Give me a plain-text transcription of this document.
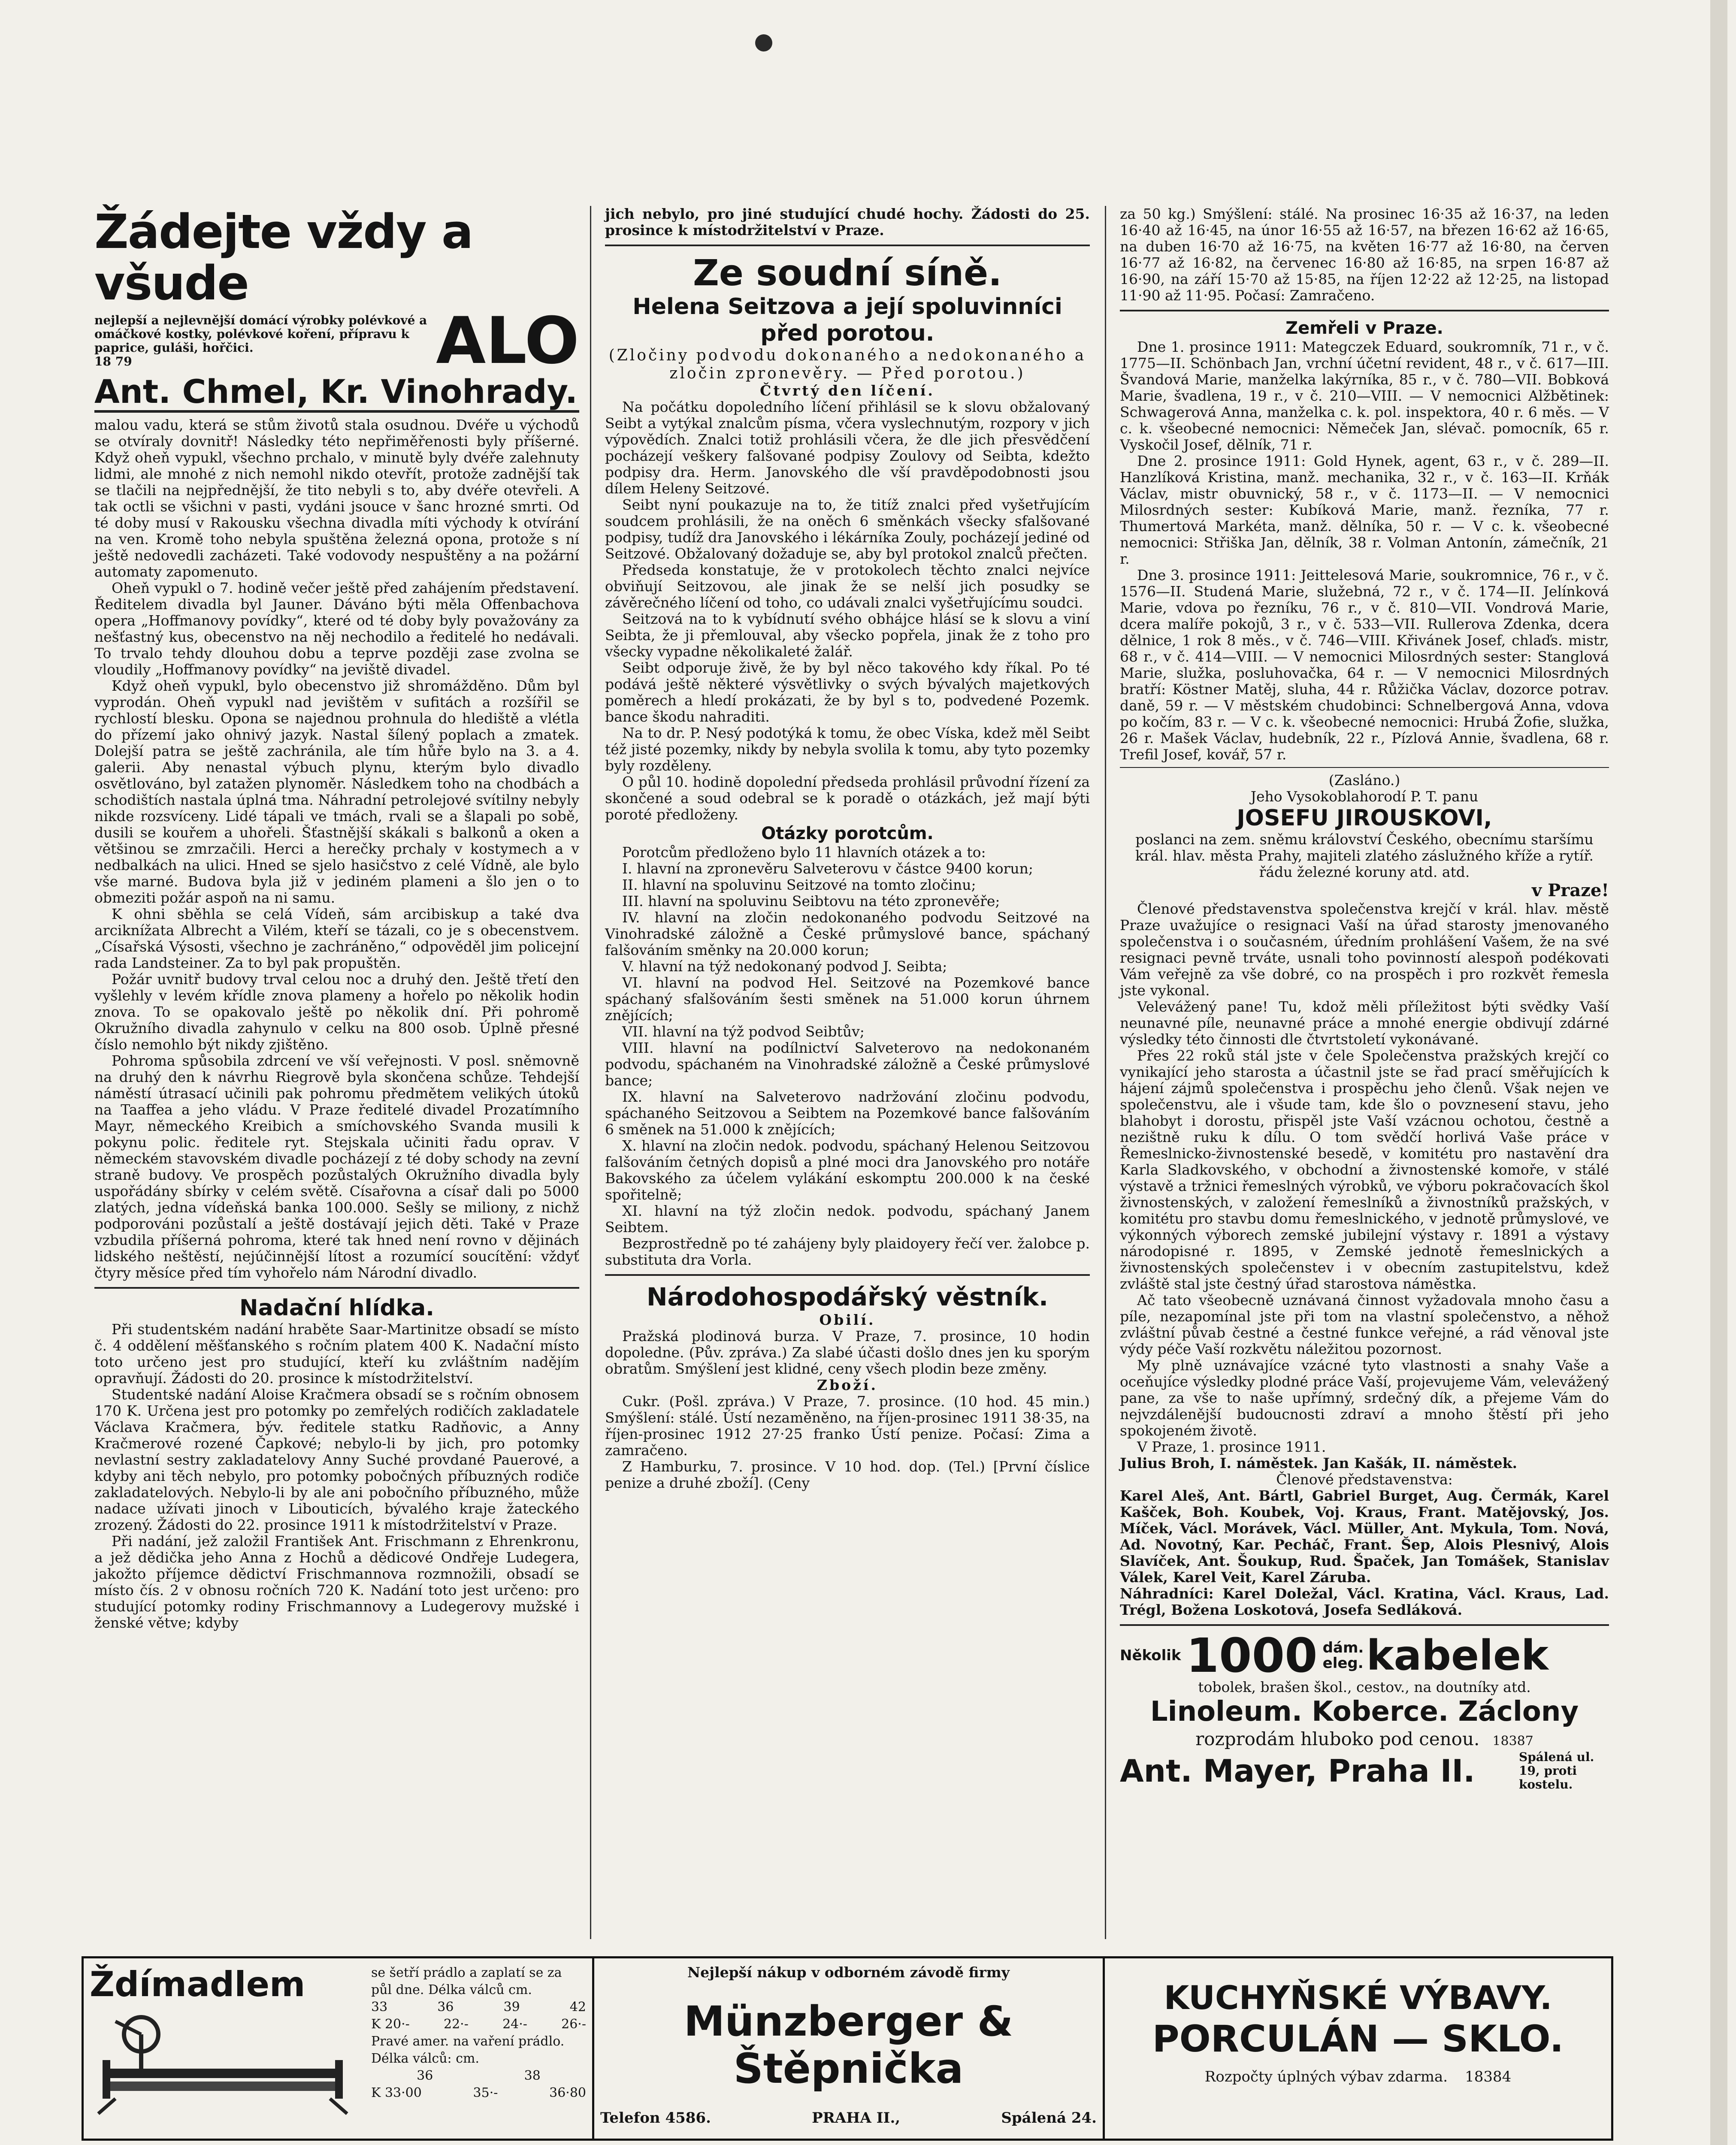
Žádejte vždy a všude
nejlepší a nejlevnější domácí výrobky polévkové a omáčkové kostky, polévkové koření, přípravu k paprice, guláši, hořčici.
18 79	ALO
Ant. Chmel, Kr. Vinohrady.

malou vadu, která se stům životů stala osudnou. Dvéře u východů se otvíraly dovnitř! Následky této nepřiměřenosti byly příšerné. Když oheň vypukl, všechno prchalo, v minutě byly dvéře zalehnuty lidmi, ale mnohé z nich nemohl nikdo otevřít, protože zadnější tak se tlačili na nejpřednější, že tito nebyli s to, aby dvéře otevřeli. A tak octli se všichni v pasti, vydáni jsouce v šanc hrozné smrti. Od té doby musí v Rakousku všechna divadla míti východy k otvírání na ven. Kromě toho nebyla spuštěna železná opona, protože s ní ještě nedovedli zacházeti. Také vodovody nespuštěny a na požární automaty zapomenuto.

Oheň vypukl o 7. hodině večer ještě před zahájením představení. Ředitelem divadla byl Jauner. Dáváno býti měla Offenbachova opera „Hoffmanovy povídky“, které od té doby byly považovány za nešťastný kus, obecenstvo na něj nechodilo a ředitelé ho nedávali. To trvalo tehdy dlouhou dobu a teprve později zase zvolna se vloudily „Hoffmanovy povídky“ na jeviště divadel.

Když oheň vypukl, bylo obecenstvo již shromážděno. Dům byl vyprodán. Oheň vypukl nad jevištěm v sufitách a rozšířil se rychlostí blesku. Opona se najednou prohnula do hlediště a vlétla do přízemí jako ohnivý jazyk. Nastal šílený poplach a zmatek. Dolejší patra se ještě zachránila, ale tím hůře bylo na 3. a 4. galerii. Aby nenastal výbuch plynu, kterým bylo divadlo osvětlováno, byl zatažen plynoměr. Následkem toho na chodbách a schodištích nastala úplná tma. Náhradní petrolejové svítilny nebyly nikde rozsvíceny. Lidé tápali ve tmách, rvali se a šlapali po sobě, dusili se kouřem a uhořeli. Šťastnější skákali s balkonů a oken a většinou se zmrzačili. Herci a herečky prchaly v kostymech a v nedbalkách na ulici. Hned se sjelo hasičstvo z celé Vídně, ale bylo vše marné. Budova byla již v jediném plameni a šlo jen o to obmeziti požár aspoň na ni samu.

K ohni sběhla se celá Vídeň, sám arcibiskup a také dva arciknížata Albrecht a Vilém, kteří se tázali, co je s obecenstvem. „Císařská Výsosti, všechno je zachráněno,“ odpověděl jim policejní rada Landsteiner. Za to byl pak propuštěn.

Požár uvnitř budovy trval celou noc a druhý den. Ještě třetí den vyšlehly v levém křídle znova plameny a hořelo po několik hodin znova. To se opakovalo ještě po několik dní. Při pohromě Okružního divadla zahynulo v celku na 800 osob. Úplně přesné číslo nemohlo být nikdy zjištěno.

Pohroma spůsobila zdrcení ve vší veřejnosti. V posl. sněmovně na druhý den k návrhu Riegrově byla skončena schůze. Tehdejší náměstí útrasací učinili pak pohromu předmětem velikých útoků na Taaffea a jeho vládu. V Praze ředitelé divadel Prozatímního Mayr, německého Kreibich a smíchovského Svanda musili k pokynu polic. ředitele ryt. Stejskala učiniti řadu oprav. V německém stavovském divadle pocházejí z té doby schody na zevní straně budovy. Ve prospěch pozůstalých Okružního divadla byly uspořádány sbírky v celém světě. Císařovna a císař dali po 5000 zlatých, jedna vídeňská banka 100.000. Sešly se miliony, z nichž podporováni pozůstalí a ještě dostávají jejich děti. Také v Praze vzbudila příšerná pohroma, které tak hned není rovno v dějinách lidského neštěstí, nejúčinnější lítost a rozumící soucítění: vždyť čtyry měsíce před tím vyhořelo nám Národní divadlo.

Nadační hlídka.

Při studentském nadání hraběte Saar-Martinitze obsadí se místo č. 4 oddělení měšťanského s ročním platem 400 K. Nadační místo toto určeno jest pro studující, kteří ku zvláštním nadějím opravňují. Žádosti do 20. prosince k místodržitelství.

Studentské nadání Aloise Kračmera obsadí se s ročním obnosem 170 K. Určena jest pro potomky po zemřelých rodičích zakladatele Václava Kračmera, býv. ředitele statku Radňovic, a Anny Kračmerové rozené Čapkové; nebylo-li by jich, pro potomky nevlastní sestry zakladatelovy Anny Suché provdané Pauerové, a kdyby ani těch nebylo, pro potomky pobočných příbuzných rodiče zakladatelových. Nebylo-li by ale ani pobočního příbuzného, může nadace užívati jinoch v Libouticích, bývalého kraje žateckého zrozený. Žádosti do 22. prosince 1911 k místodržitelství v Praze.

Při nadání, jež založil František Ant. Frischmann z Ehrenkronu, a jež dědička jeho Anna z Hochů a dědicové Ondřeje Ludegera, jakožto příjemce dědictví Frischmannova rozmnožili, obsadí se místo čís. 2 v obnosu ročních 720 K. Nadání toto jest určeno: pro studující potomky rodiny Frischmannovy a Ludegerovy mužské i ženské větve; kdyby

jich nebylo, pro jiné studující chudé hochy. Žádosti do 25. prosince k místodržitelství v Praze.

Ze soudní síně.
Helena Seitzova a její spoluvinníci před porotou.

(Zločiny podvodu dokonaného a nedokonaného a zločin zpronevěry. — Před porotou.)

Čtvrtý den líčení.

Na počátku dopoledního líčení přihlásil se k slovu obžalovaný Seibt a vytýkal znalcům písma, včera vyslechnutým, rozpory v jich výpovědích. Znalci totiž prohlásili včera, že dle jich přesvědčení pocházejí veškery falšované podpisy Zoulovy od Seibta, kdežto podpisy dra. Herm. Janovského dle vší pravděpodobnosti jsou dílem Heleny Seitzové.

Seibt nyní poukazuje na to, že titíž znalci před vyšetřujícím soudcem prohlásili, že na oněch 6 směnkách všecky sfalšované podpisy, tudíž dra Janovského i lékárníka Zouly, pocházejí jediné od Seitzové. Obžalovaný dožaduje se, aby byl protokol znalců přečten.

Předseda konstatuje, že v protokolech těchto znalci nejvíce obviňují Seitzovou, ale jinak že se nelší jich posudky se závěrečného líčení od toho, co udávali znalci vyšetřujícímu soudci.

Seitzová na to k vybídnutí svého obhájce hlásí se k slovu a viní Seibta, že ji přemlouval, aby všecko popřela, jinak že z toho pro všecky vypadne několikaleté žalář.

Seibt odporuje živě, že by byl něco takového kdy říkal. Po té podává ještě některé výsvětlivky o svých bývalých majetkových poměrech a hledí prokázati, že by byl s to, podvedené Pozemk. bance škodu nahraditi.

Na to dr. P. Nesý podotýká k tomu, že obec Víska, kdež měl Seibt též jisté pozemky, nikdy by nebyla svolila k tomu, aby tyto pozemky byly rozděleny.

O půl 10. hodině dopolední předseda prohlásil průvodní řízení za skončené a soud odebral se k poradě o otázkách, jež mají býti poroté předloženy.

Otázky porotcům.

Porotcům předloženo bylo 11 hlavních otázek a to:

I. hlavní na zpronevěru Salveterovu v částce 9400 korun;

II. hlavní na spoluvinu Seitzové na tomto zločinu;

III. hlavní na spoluvinu Seibtovu na této zpronevěře;

IV. hlavní na zločin nedokonaného podvodu Seitzové na Vinohradské záložně a České průmyslové bance, spáchaný falšováním směnky na 20.000 korun;

V. hlavní na týž nedokonaný podvod J. Seibta;

VI. hlavní na podvod Hel. Seitzové na Pozemkové bance spáchaný sfalšováním šesti směnek na 51.000 korun úhrnem znějících;

VII. hlavní na týž podvod Seibtův;

VIII. hlavní na podílnictví Salveterovo na nedokonaném podvodu, spáchaném na Vinohradské záložně a České průmyslové bance;

IX. hlavní na Salveterovo nadržování zločinu podvodu, spáchaného Seitzovou a Seibtem na Pozemkové bance falšováním 6 směnek na 51.000 k znějících;

X. hlavní na zločin nedok. podvodu, spáchaný Helenou Seitzovou falšováním četných dopisů a plné moci dra Janovského pro notáře Bakovského za účelem vylákání eskomptu 200.000 k na české spořitelně;

XI. hlavní na týž zločin nedok. podvodu, spáchaný Janem Seibtem.

Bezprostředně po té zahájeny byly plaidoyery řečí ver. žalobce p. substituta dra Vorla.

Národohospodářský věstník.

Obilí.

Pražská plodinová burza. V Praze, 7. prosince, 10 hodin dopoledne. (Pův. zpráva.) Za slabé účasti došlo dnes jen ku sporým obratům. Smýšlení jest klidné, ceny všech plodin beze změny.

Zboží.

Cukr. (Pošl. zpráva.) V Praze, 7. prosince. (10 hod. 45 min.) Smýšlení: stálé. Ústí nezaměněno, na říjen-prosinec 1911 38·35, na říjen-prosinec 1912 27·25 franko Ústí penize. Počasí: Zima a zamračeno.

Z Hamburku, 7. prosince. V 10 hod. dop. (Tel.) [První číslice penize a druhé zboží]. (Ceny

za 50 kg.) Smýšlení: stálé. Na prosinec 16·35 až 16·37, na leden 16·40 až 16·45, na únor 16·55 až 16·57, na březen 16·62 až 16·65, na duben 16·70 až 16·75, na květen 16·77 až 16·80, na červen 16·77 až 16·82, na červenec 16·80 až 16·85, na srpen 16·87 až 16·90, na září 15·70 až 15·85, na říjen 12·22 až 12·25, na listopad 11·90 až 11·95. Počasí: Zamračeno.

Zemřeli v Praze.

Dne 1. prosince 1911: Mategczek Eduard, soukromník, 71 r., v č. 1775—II. Schönbach Jan, vrchní účetní revident, 48 r., v č. 617—III. Švandová Marie, manželka lakýrníka, 85 r., v č. 780—VII. Bobková Marie, švadlena, 19 r., v č. 210—VIII. — V nemocnici Alžbětinek: Schwagerová Anna, manželka c. k. pol. inspektora, 40 r. 6 měs. — V c. k. všeobecné nemocnici: Němeček Jan, slévač. pomocník, 65 r. Vyskočil Josef, dělník, 71 r.

Dne 2. prosince 1911: Gold Hynek, agent, 63 r., v č. 289—II. Hanzlíková Kristina, manž. mechanika, 32 r., v č. 163—II. Krňák Václav, mistr obuvnický, 58 r., v č. 1173—II. — V nemocnici Milosrdných sester: Kubíková Marie, manž. řezníka, 77 r. Thumertová Markéta, manž. dělníka, 50 r. — V c. k. všeobecné nemocnici: Střiška Jan, dělník, 38 r. Volman Antonín, zámečník, 21 r.

Dne 3. prosince 1911: Jeittelesová Marie, soukromnice, 76 r., v č. 1576—II. Studená Marie, služebná, 72 r., v č. 174—II. Jelínková Marie, vdova po řezníku, 76 r., v č. 810—VII. Vondrová Marie, dcera malíře pokojů, 3 r., v č. 533—VII. Rullerova Zdenka, dcera dělnice, 1 rok 8 měs., v č. 746—VIII. Křivánek Josef, chlaďs. mistr, 68 r., v č. 414—VIII. — V nemocnici Milosrdných sester: Stanglová Marie, služka, posluhovačka, 64 r. — V nemocnici Milosrdných bratří: Köstner Matěj, sluha, 44 r. Růžička Václav, dozorce potrav. daně, 59 r. — V městském chudobinci: Schnelbergová Anna, vdova po kočím, 83 r. — V c. k. všeobecné nemocnici: Hrubá Žofie, služka, 26 r. Mašek Václav, hudebník, 22 r., Pízlová Annie, švadlena, 68 r. Trefil Josef, kovář, 57 r.

(Zasláno.)

Jeho Vysokoblahorodí P. T. panu

JOSEFU JIROUSKOVI,

poslanci na zem. sněmu království Českého, obecnímu staršímu král. hlav. města Prahy, majiteli zlatého záslužného kříže a rytíř. řádu železné koruny atd. atd.

v Praze!

Členové představenstva společenstva krejčí v král. hlav. městě Praze uvažujíce o resignaci Vaší na úřad starosty jmenovaného společenstva i o současném, úředním prohlášení Vašem, že na své resignaci pevně trváte, usnali toho povinností alespoň podékovati Vám veřejně za vše dobré, co na prospěch i pro rozkvět řemesla jste vykonal.

Velevážený pane! Tu, kdož měli příležitost býti svědky Vaší neunavné píle, neunavné práce a mnohé energie obdivují zdárné výsledky této činnosti dle čtvrtstoletí vykonávané.

Přes 22 roků stál jste v čele Společenstva pražských krejčí co vynikající jeho starosta a účastnil jste se řad prací směřujících k hájení zájmů společenstva i prospěchu jeho členů. Však nejen ve společenstvu, ale i všude tam, kde šlo o povznesení stavu, jeho blahobyt i dorostu, přispěl jste Vaší vzácnou ochotou, čestně a nezištně ruku k dílu. O tom svědčí horlivá Vaše práce v Řemeslnicko-živnostenské besedě, v komitétu pro nastavění dra Karla Sladkovského, v obchodní a živnostenské komoře, v stálé výstavě a tržnici řemeslných výrobků, ve výboru pokračovacích škol živnostenských, v založení řemeslníků a živnostníků pražských, v komitétu pro stavbu domu řemeslnického, v jednotě průmyslové, ve výkonných výborech zemské jubilejní výstavy r. 1891 a výstavy národopisné r. 1895, v Zemské jednotě řemeslnických a živnostenských společenstev i v obecním zastupitelstvu, kdež zvláště stal jste čestný úřad starostova náměstka.

Ač tato všeobecně uznávaná činnost vyžadovala mnoho času a píle, nezapomínal jste při tom na vlastní společenstvo, a něhož zvláštní půvab čestné a čestné funkce veřejné, a rád věnoval jste výdy péče Vaší rozkvětu náležitou pozornost.

My plně uznávajíce vzácné tyto vlastnosti a snahy Vaše a oceňujíce výsledky plodné práce Vaší, projevujeme Vám, velevážený pane, za vše to naše upřímný, srdečný dík, a přejeme Vám do nejvzdálenější budoucnosti zdraví a mnoho štěstí při jeho spokojeném životě.

V Praze, 1. prosince 1911.

Julius Broh, I. náměstek. Jan Kašák, II. náměstek.

Členové představenstva:

Karel Aleš, Ant. Bártl, Gabriel Burget, Aug. Čermák, Karel Kašček, Boh. Koubek, Voj. Kraus, Frant. Matějovský, Jos. Míček, Václ. Morávek, Václ. Müller, Ant. Mykula, Tom. Nová, Ad. Novotný, Kar. Pecháč, Frant. Šep, Alois Plesnivý, Alois Slavíček, Ant. Šoukup, Rud. Špaček, Jan Tomášek, Stanislav Válek, Karel Veit, Karel Záruba.

Náhradníci: Karel Doležal, Václ. Kratina, Václ. Kraus, Lad. Trégl, Božena Loskotová, Josefa Sedláková.

Několik 1000 dám. eleg. kabelek

tobolek, brašen škol., cestov., na doutníky atd.

Linoleum. Koberce. Záclony
rozprodám hluboko pod cenou. 18387
Ant. Mayer, Praha II.	Spálená ul. 19, proti kostelu.
Ždímadlem	se šetří prádlo a zaplatí se za půl dne. Délka válců cm.
33	36	39	42
K 20·-	22·-	24·-	26·-
Pravé amer. na vaření prádlo. Délka válců: cm.
36	38
K 33·00	35·-	36·80

Nejlepší nákup v odborném závodě firmy

Münzberger & Štěpnička
Telefon 4586.	PRAHA II.,	Spálená 24.
KUCHYŇSKÉ VÝBAVY.
PORCULÁN — SKLO.
Rozpočty úplných výbav zdarma. 18384
